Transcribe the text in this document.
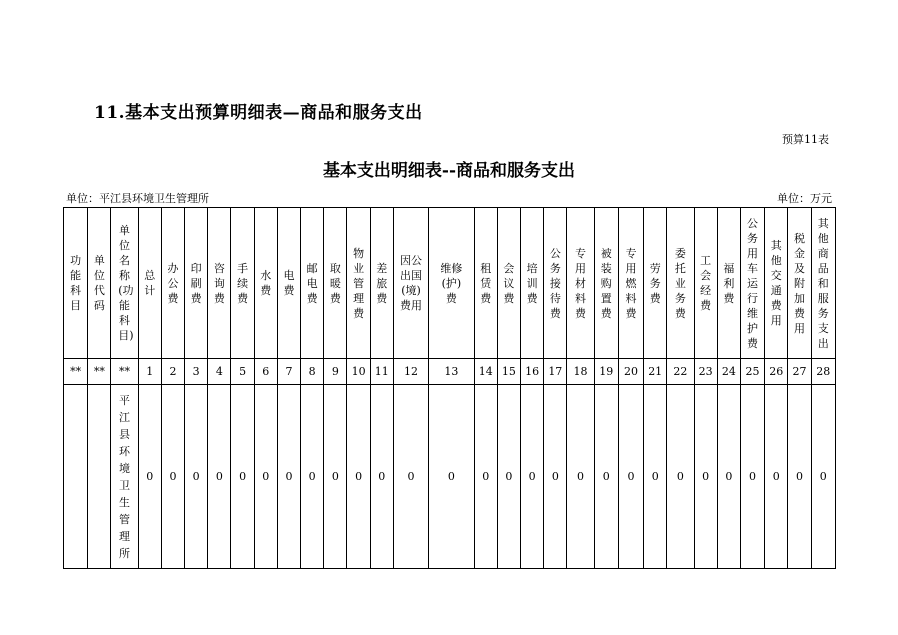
11.基本支出预算明细表—商品和服务支出
预算11表
基本支出明细表--商品和服务支出
单位：平江县环境卫生管理所	单位：万元
功能科目	单位代码	单位名称(功能科目)	总计	办公费	印刷费	咨询费	手续费	水费	电费	邮电费	取暖费	物业管理费	差旅费	因公出国(境)费用	维修(护)费	租赁费	会议费	培训费	公务接待费	专用材料费	被装购置费	专用燃料费	劳务费	委托业务费	工会经费	福利费	公务用车运行维护费	其他交通费用	税金及附加费用	其他商品和服务支出
**	**	**	1	2	3	4	5	6	7	8	9	10	11	12	13	14	15	16	17	18	19	20	21	22	23	24	25	26	27	28
		平江县环境卫生管理所	0	0	0	0	0	0	0	0	0	0	0	0	0	0	0	0	0	0	0	0	0	0	0	0	0	0	0	0
